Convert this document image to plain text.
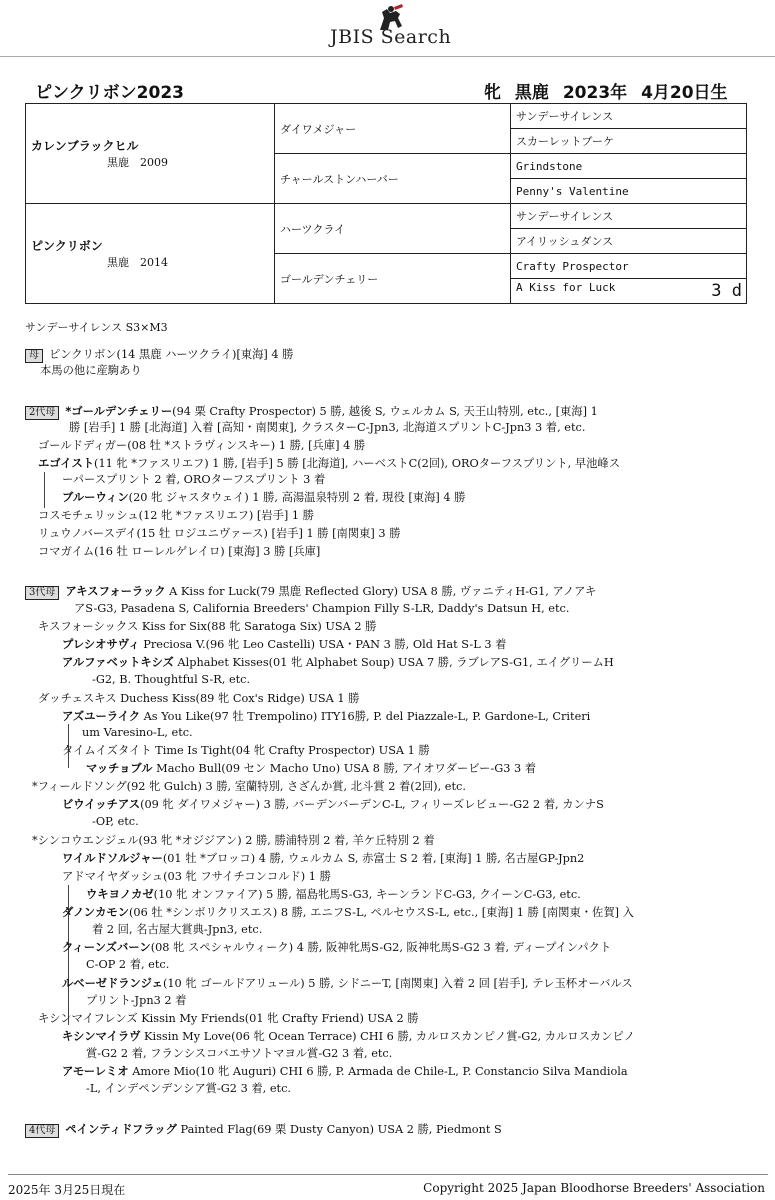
JBIS Search
ピンクリボン2023	牝 黒鹿 2023年 4月20日生
カレンブラックヒル
黒鹿　2009	ダイワメジャー	サンデーサイレンス
		スカーレットブーケ
	チャールストンハーバー	Grindstone
		Penny's Valentine

ピンクリボン
黒鹿　2014	ハーツクライ	サンデーサイレンス
		アイリッシュダンス
	ゴールデンチェリー	Crafty Prospector
		A Kiss for Luck 3 d
サンデーサイレンス S3×M3
母 ピンクリボン(14 黒鹿 ハーツクライ)[東海] 4 勝
本馬の他に産駒あり
2代母 *ゴールデンチェリー(94 栗 Crafty Prospector) 5 勝, 越後 S, ウェルカム S, 天王山特別, etc., [東海] 1
勝 [岩手] 1 勝 [北海道] 入着 [高知・南関東], クラスターC-Jpn3, 北海道スプリントC-Jpn3 3 着, etc.
ゴールドディガー(08 牡 *ストラヴィンスキー) 1 勝, [兵庫] 4 勝
エゴイスト(11 牝 *ファスリエフ) 1 勝, [岩手] 5 勝 [北海道], ハーベストC(2回), OROターフスプリント, 早池峰ス
ーパースプリント 2 着, OROターフスプリント 3 着
ブルーウィン(20 牝 ジャスタウェイ) 1 勝, 高湯温泉特別 2 着, 現役 [東海] 4 勝
コスモチェリッシュ(12 牝 *ファスリエフ) [岩手] 1 勝
リュウノバースデイ(15 牡 ロジユニヴァース) [岩手] 1 勝 [南関東] 3 勝
コマガイム(16 牡 ローレルゲレイロ) [東海] 3 勝 [兵庫]
3代母 アキスフォーラック A Kiss for Luck(79 黒鹿 Reflected Glory) USA 8 勝, ヴァニティH-G1, アノアキ
アS-G3, Pasadena S, California Breeders' Champion Filly S-LR, Daddy's Datsun H, etc.
キスフォーシックス Kiss for Six(88 牝 Saratoga Six) USA 2 勝
プレシオサヴィ Preciosa V.(96 牝 Leo Castelli) USA・PAN 3 勝, Old Hat S-L 3 着
アルファベットキシズ Alphabet Kisses(01 牝 Alphabet Soup) USA 7 勝, ラブレアS-G1, エイグリームH
-G2, B. Thoughtful S-R, etc.
ダッチェスキス Duchess Kiss(89 牝 Cox's Ridge) USA 1 勝
アズユーライク As You Like(97 牡 Trempolino) ITY16勝, P. del Piazzale-L, P. Gardone-L, Criteri
um Varesino-L, etc.
タイムイズタイト Time Is Tight(04 牝 Crafty Prospector) USA 1 勝
マッチョブル Macho Bull(09 セン Macho Uno) USA 8 勝, アイオワダービー-G3 3 着
*フィールドソング(92 牝 Gulch) 3 勝, 室蘭特別, さざんか賞, 北斗賞 2 着(2回), etc.
ビウイッチアス(09 牝 ダイワメジャー) 3 勝, バーデンバーデンC-L, フィリーズレビュー-G2 2 着, カンナS
-OP, etc.
*シンコウエンジェル(93 牝 *オジジアン) 2 勝, 勝浦特別 2 着, 羊ケ丘特別 2 着
ワイルドソルジャー(01 牡 *ブロッコ) 4 勝, ウェルカム S, 赤富士 S 2 着, [東海] 1 勝, 名古屋GP-Jpn2
アドマイヤダッシュ(03 牝 フサイチコンコルド) 1 勝
ウキヨノカゼ(10 牝 オンファイア) 5 勝, 福島牝馬S-G3, キーンランドC-G3, クイーンC-G3, etc.
ダノンカモン(06 牡 *シンボリクリスエス) 8 勝, エニフS-L, ペルセウスS-L, etc., [東海] 1 勝 [南関東・佐賀] 入
着 2 回, 名古屋大賞典-Jpn3, etc.
クィーンズバーン(08 牝 スペシャルウィーク) 4 勝, 阪神牝馬S-G2, 阪神牝馬S-G2 3 着, ディープインパクト
C-OP 2 着, etc.
ルベーゼドランジェ(10 牝 ゴールドアリュール) 5 勝, シドニーT, [南関東] 入着 2 回 [岩手], テレ玉杯オーバルス
プリント-Jpn3 2 着
キシンマイフレンズ Kissin My Friends(01 牝 Crafty Friend) USA 2 勝
キシンマイラヴ Kissin My Love(06 牝 Ocean Terrace) CHI 6 勝, カルロスカンピノ賞-G2, カルロスカンピノ
賞-G2 2 着, フランシスコバエサソトマヨル賞-G2 3 着, etc.
アモーレミオ Amore Mio(10 牝 Auguri) CHI 6 勝, P. Armada de Chile-L, P. Constancio Silva Mandiola
-L, インデペンデンシア賞-G2 3 着, etc.
4代母 ペインティドフラッグ Painted Flag(69 栗 Dusty Canyon) USA 2 勝, Piedmont S
2025年 3月25日現在	Copyright 2025 Japan Bloodhorse Breeders' Association
